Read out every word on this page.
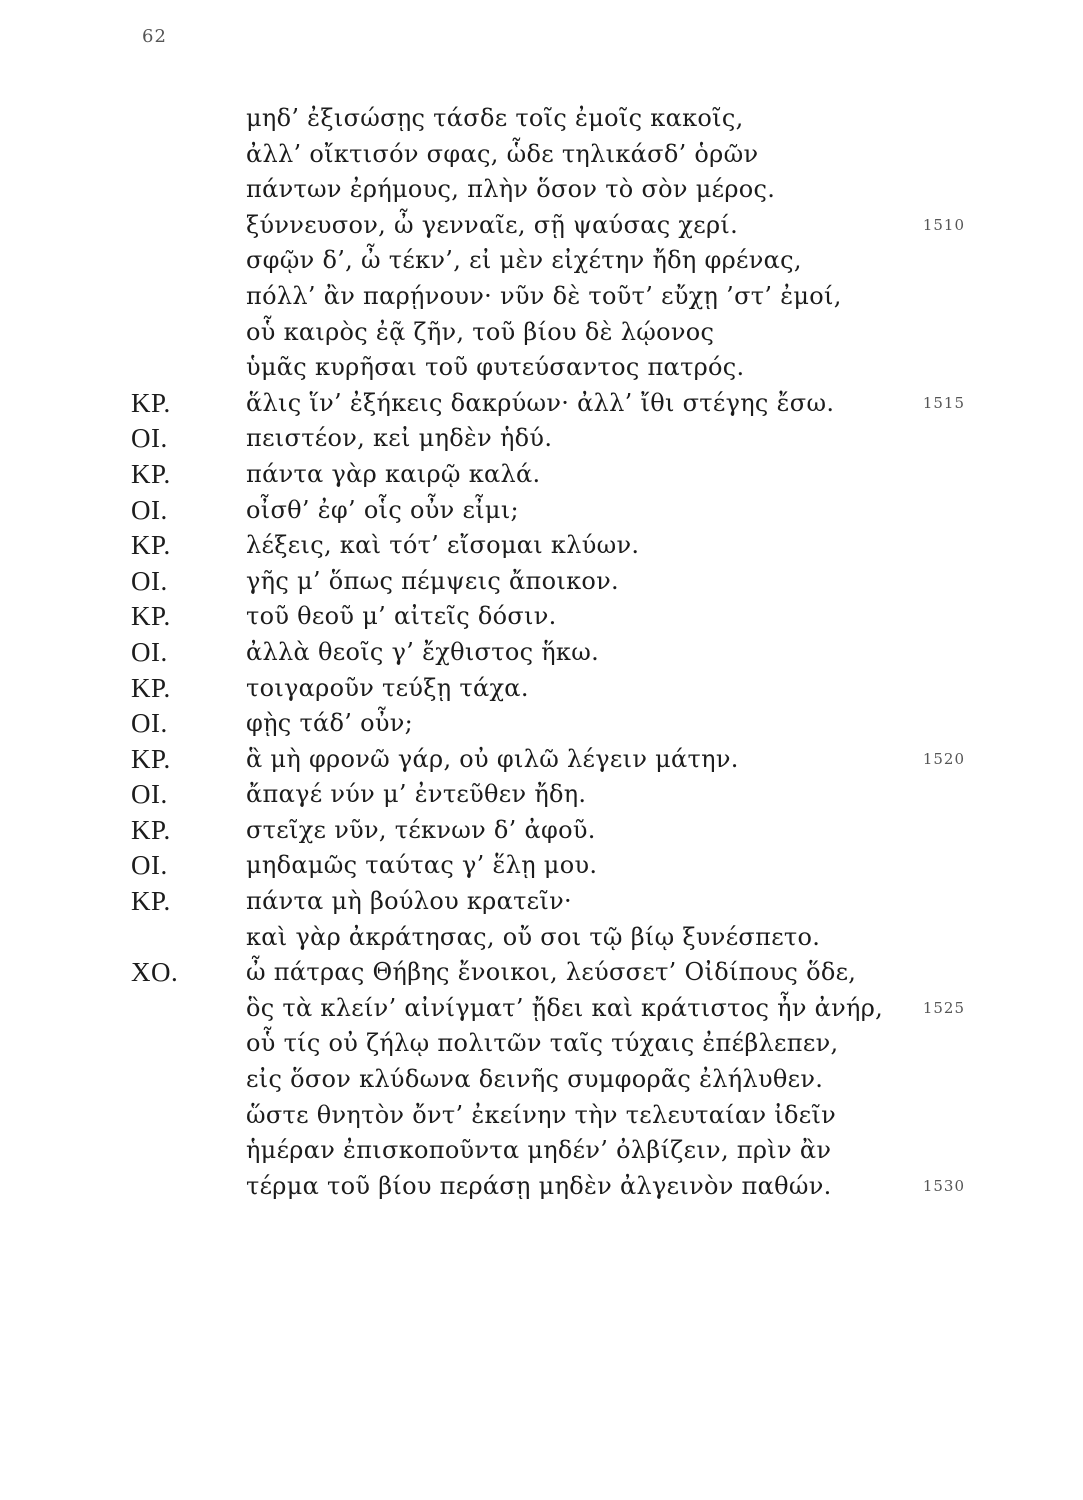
62
μηδ’ ἐξισώσῃς τάσδε τοῖς ἐμοῖς κακοῖς,
ἀλλ’ οἴκτισόν σφας, ὧδε τηλικάσδ’ ὁρῶν
πάντων ἐρήμους, πλὴν ὅσον τὸ σὸν μέρος.
ξύννευσον, ὦ γενναῖε, σῇ ψαύσας χερί.	1510
σφῷν δ’, ὦ τέκν’, εἰ μὲν εἰχέτην ἤδη φρένας,
πόλλ’ ἂν παρῄνουν· νῦν δὲ τοῦτ’ εὔχῃ ’στ’ ἐμοί,
οὗ καιρὸς ἐᾷ ζῆν, τοῦ βίου δὲ λῴονος
ὑμᾶς κυρῆσαι τοῦ φυτεύσαντος πατρός.
ΚΡ.	ἅλις ἵν’ ἐξήκεις δακρύων· ἀλλ’ ἴθι στέγης ἔσω.	1515
ΟΙ.	πειστέον, κεἰ μηδὲν ἡδύ.
ΚΡ.	πάντα γὰρ καιρῷ καλά.
ΟΙ.	οἶσθ’ ἐφ’ οἷς οὖν εἶμι;
ΚΡ.	λέξεις, καὶ τότ’ εἴσομαι κλύων.
ΟΙ.	γῆς μ’ ὅπως πέμψεις ἄποικον.
ΚΡ.	τοῦ θεοῦ μ’ αἰτεῖς δόσιν.
ΟΙ.	ἀλλὰ θεοῖς γ’ ἔχθιστος ἥκω.
ΚΡ.	τοιγαροῦν τεύξῃ τάχα.
ΟΙ.	φῂς τάδ’ οὖν;
ΚΡ.	ἃ μὴ φρονῶ γάρ, οὐ φιλῶ λέγειν μάτην.	1520
ΟΙ.	ἄπαγέ νύν μ’ ἐντεῦθεν ἤδη.
ΚΡ.	στεῖχε νῦν, τέκνων δ’ ἀφοῦ.
ΟΙ.	μηδαμῶς ταύτας γ’ ἕλῃ μου.
ΚΡ.	πάντα μὴ βούλου κρατεῖν·
καὶ γὰρ ἀκράτησας, οὔ σοι τῷ βίῳ ξυνέσπετο.
ΧΟ.	ὦ πάτρας Θήβης ἔνοικοι, λεύσσετ’ Οἰδίπους ὅδε,
ὃς τὰ κλείν’ αἰνίγματ’ ᾔδει καὶ κράτιστος ἦν ἀνήρ,	1525
οὗ τίς οὐ ζήλῳ πολιτῶν ταῖς τύχαις ἐπέβλεπεν,
εἰς ὅσον κλύδωνα δεινῆς συμφορᾶς ἐλήλυθεν.
ὥστε θνητὸν ὄντ’ ἐκείνην τὴν τελευταίαν ἰδεῖν
ἡμέραν ἐπισκοποῦντα μηδέν’ ὀλβίζειν, πρὶν ἂν
τέρμα τοῦ βίου περάσῃ μηδὲν ἀλγεινὸν παθών.	1530
